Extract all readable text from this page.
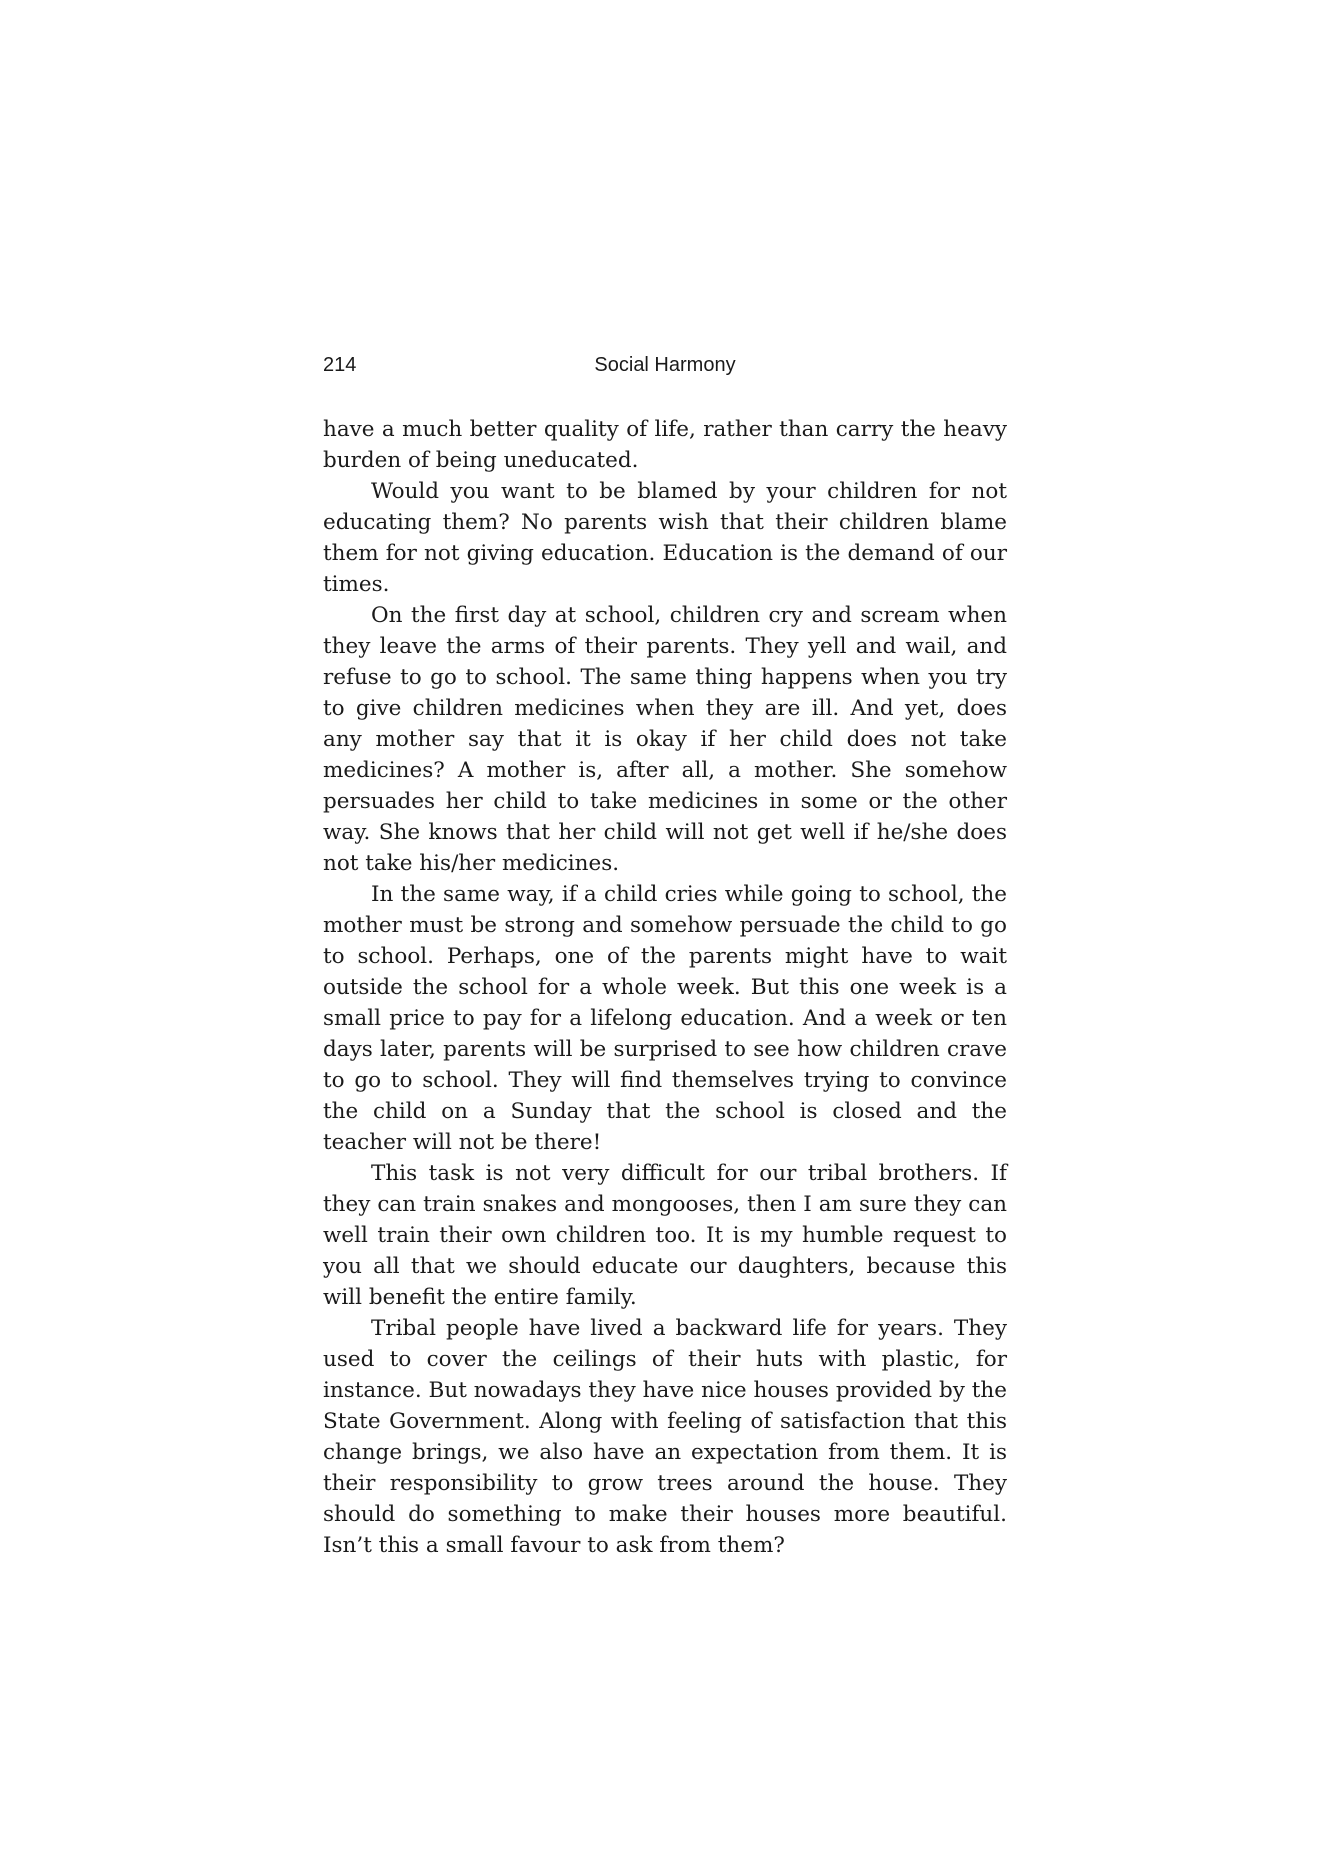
214	Social Harmony

have a much better quality of life, rather than carry the heavy burden of being uneducated.

Would you want to be blamed by your children for not educating them? No parents wish that their children blame them for not giving education. Education is the demand of our times.

On the first day at school, children cry and scream when they leave the arms of their parents. They yell and wail, and refuse to go to school. The same thing happens when you try to give children medicines when they are ill. And yet, does any mother say that it is okay if her child does not take medicines? A mother is, after all, a mother. She somehow persuades her child to take medicines in some or the other way. She knows that her child will not get well if he/she does not take his/her medicines.

In the same way, if a child cries while going to school, the mother must be strong and somehow persuade the child to go to school. Perhaps, one of the parents might have to wait outside the school for a whole week. But this one week is a small price to pay for a lifelong education. And a week or ten days later, parents will be surprised to see how children crave to go to school. They will find themselves trying to convince the child on a Sunday that the school is closed and the teacher will not be there!

This task is not very difficult for our tribal brothers. If they can train snakes and mongooses, then I am sure they can well train their own children too. It is my humble request to you all that we should educate our daughters, because this will benefit the entire family.

Tribal people have lived a backward life for years. They used to cover the ceilings of their huts with plastic, for instance. But nowadays they have nice houses provided by the State Government. Along with feeling of satisfaction that this change brings, we also have an expectation from them. It is their responsibility to grow trees around the house. They should do something to make their houses more beautiful. Isn’t this a small favour to ask from them?
